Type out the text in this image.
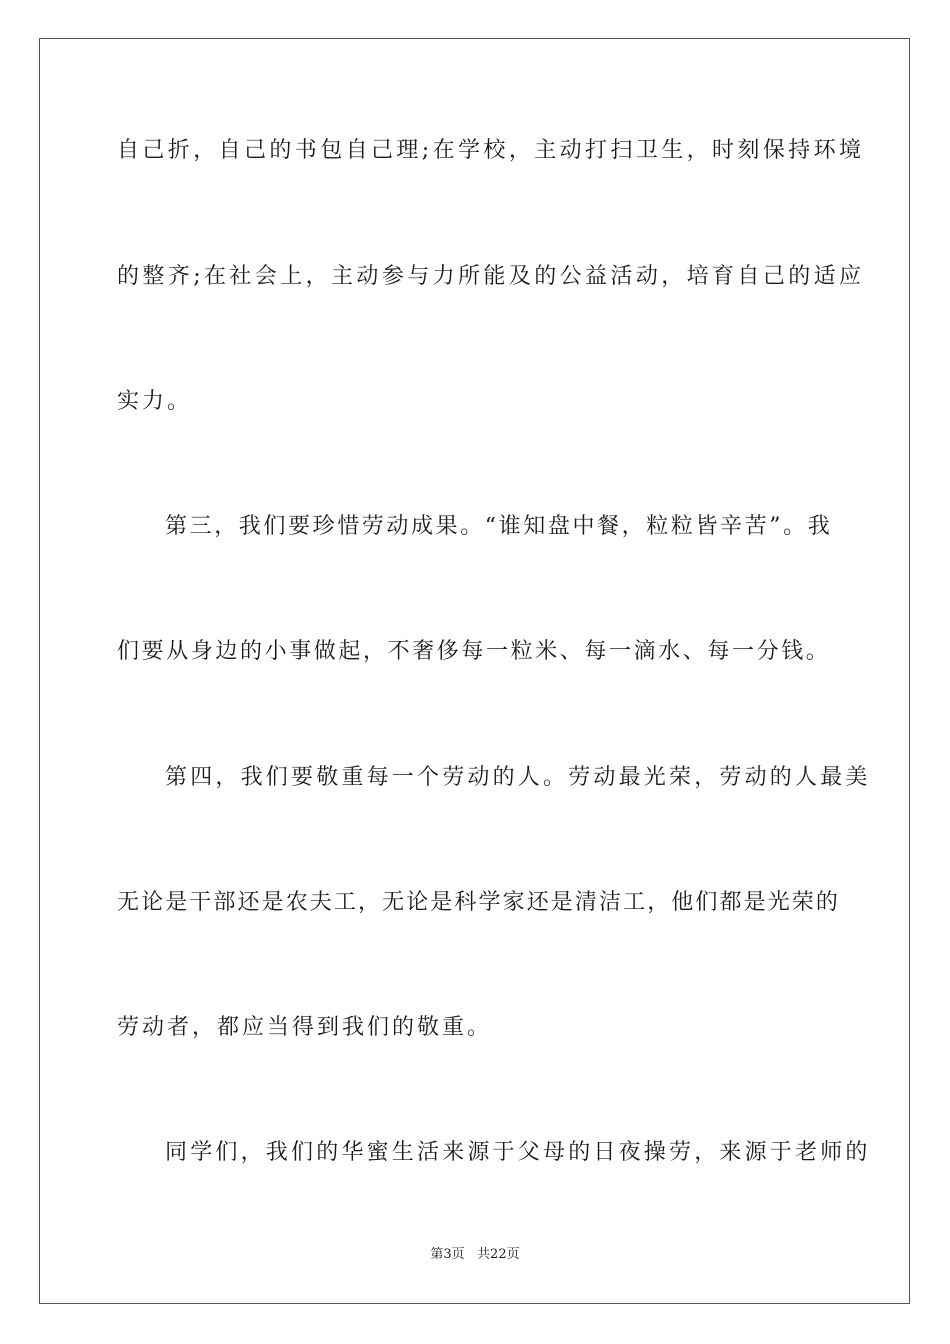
自己折，自己的书包自己理;在学校，主动打扫卫生，时刻保持环境
的整齐;在社会上，主动参与力所能及的公益活动，培育自己的适应
实力。
第三，我们要珍惜劳动成果。“谁知盘中餐，粒粒皆辛苦”。我
们要从身边的小事做起，不奢侈每一粒米、每一滴水、每一分钱。
第四，我们要敬重每一个劳动的人。劳动最光荣，劳动的人最美
无论是干部还是农夫工，无论是科学家还是清洁工，他们都是光荣的
劳动者，都应当得到我们的敬重。
同学们，我们的华蜜生活来源于父母的日夜操劳，来源于老师的
第3页   共22页
